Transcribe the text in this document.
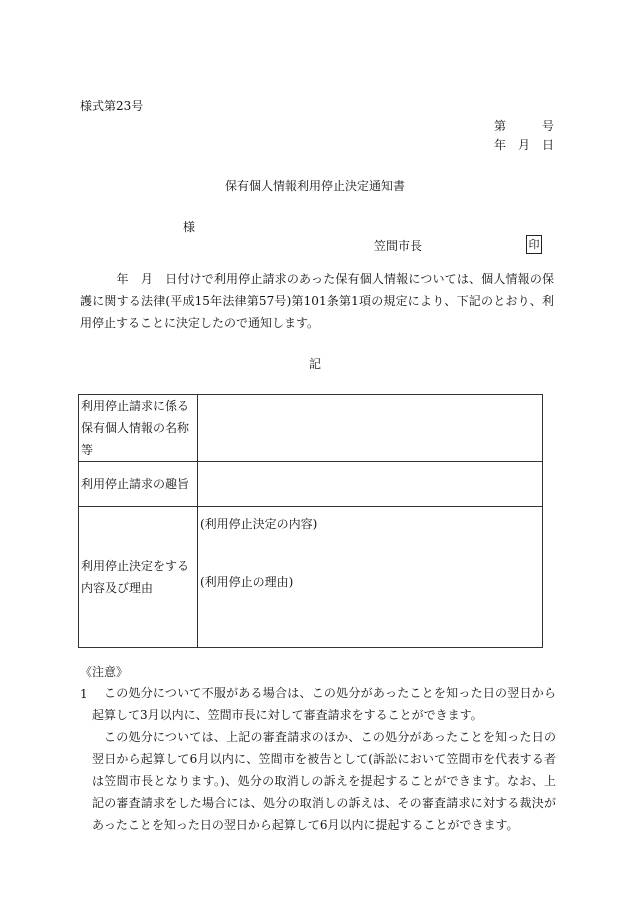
様式第23号
第	号
年 月 日
保有個人情報利用停止決定通知書
様
笠間市長	印
　　　年　月　日付けで利用停止請求のあった保有個人情報については、個人情報の保護に関する法律(平成15年法律第57号)第101条第1項の規定により、下記のとおり、利用停止することに決定したので通知します。
記
利用停止請求に係る保有個人情報の名称等	
利用停止請求の趣旨	
利用停止決定をする内容及び理由	(利用停止決定の内容)
(利用停止の理由)
《注意》
1	この処分について不服がある場合は、この処分があったことを知った日の翌日から起算して3月以内に、笠間市長に対して審査請求をすることができます。
この処分については、上記の審査請求のほか、この処分があったことを知った日の翌日から起算して6月以内に、笠間市を被告として(訴訟において笠間市を代表する者は笠間市長となります。)、処分の取消しの訴えを提起することができます。なお、上記の審査請求をした場合には、処分の取消しの訴えは、その審査請求に対する裁決があったことを知った日の翌日から起算して6月以内に提起することができます。
